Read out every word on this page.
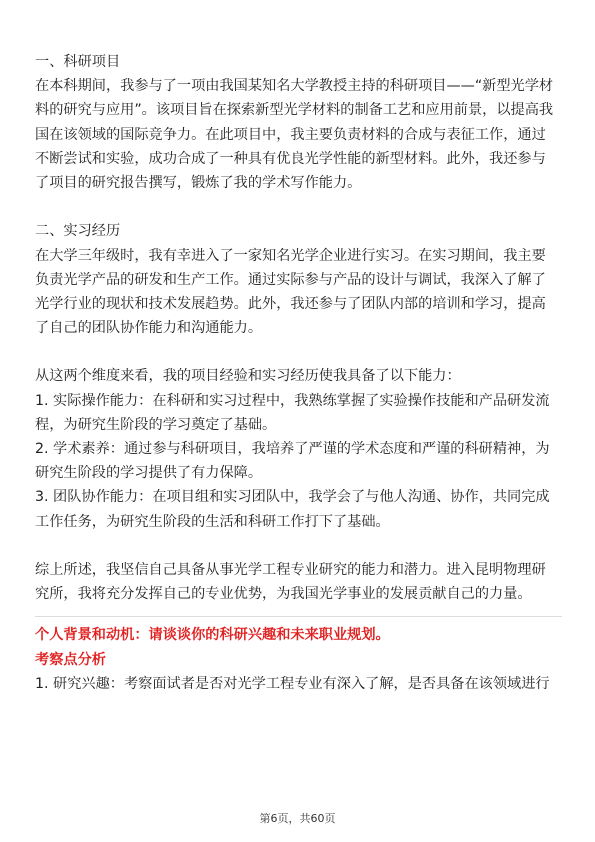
一、科研项目
在本科期间，我参与了一项由我国某知名大学教授主持的科研项目——“新型光学材
料的研究与应用”。该项目旨在探索新型光学材料的制备工艺和应用前景，以提高我
国在该领域的国际竞争力。在此项目中，我主要负责材料的合成与表征工作，通过
不断尝试和实验，成功合成了一种具有优良光学性能的新型材料。此外，我还参与
了项目的研究报告撰写，锻炼了我的学术写作能力。
二、实习经历
在大学三年级时，我有幸进入了一家知名光学企业进行实习。在实习期间，我主要
负责光学产品的研发和生产工作。通过实际参与产品的设计与调试，我深入了解了
光学行业的现状和技术发展趋势。此外，我还参与了团队内部的培训和学习，提高
了自己的团队协作能力和沟通能力。
从这两个维度来看，我的项目经验和实习经历使我具备了以下能力：
1. 实际操作能力：在科研和实习过程中，我熟练掌握了实验操作技能和产品研发流
程，为研究生阶段的学习奠定了基础。
2. 学术素养：通过参与科研项目，我培养了严谨的学术态度和严谨的科研精神，为
研究生阶段的学习提供了有力保障。
3. 团队协作能力：在项目组和实习团队中，我学会了与他人沟通、协作，共同完成
工作任务，为研究生阶段的生活和科研工作打下了基础。
综上所述，我坚信自己具备从事光学工程专业研究的能力和潜力。进入昆明物理研
究所，我将充分发挥自己的专业优势，为我国光学事业的发展贡献自己的力量。
个人背景和动机：请谈谈你的科研兴趣和未来职业规划。
考察点分析
1. 研究兴趣：考察面试者是否对光学工程专业有深入了解，是否具备在该领域进行
第6页，共60页
